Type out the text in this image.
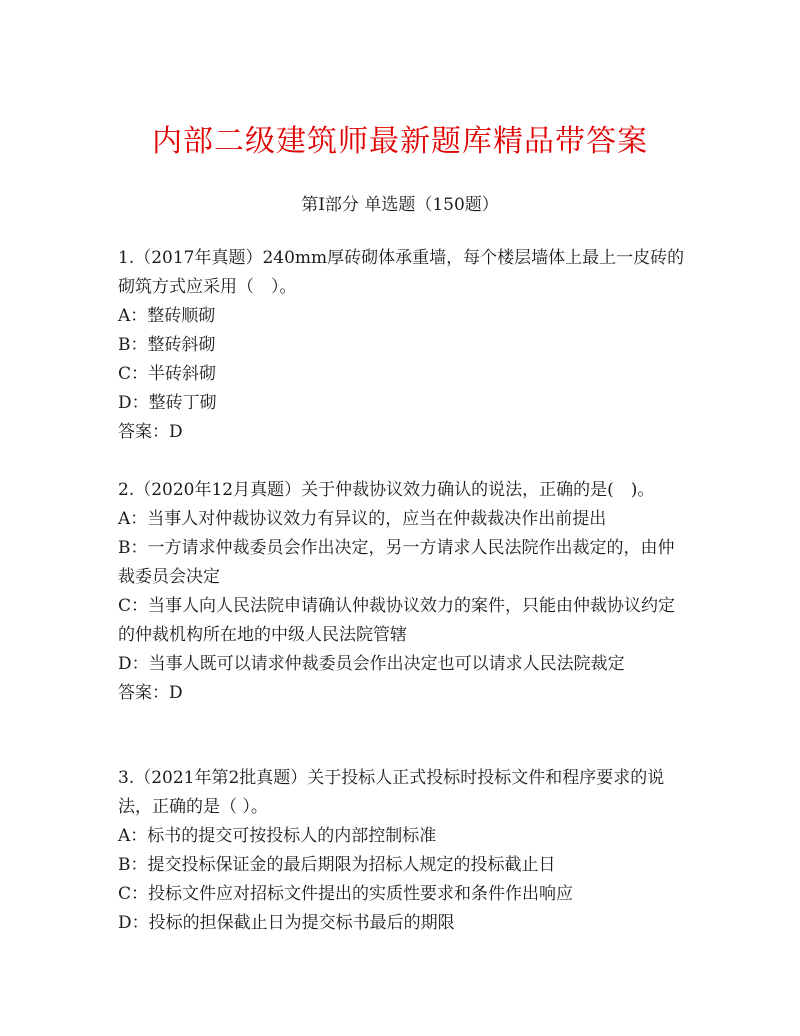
内部二级建筑师最新题库精品带答案
第Ⅰ部分 单选题（150题）

1.（2017年真题）240mm厚砖砌体承重墙，每个楼层墙体上最上一皮砖的砌筑方式应采用（　）。

A：整砖顺砌

B：整砖斜砌

C：半砖斜砌

D：整砖丁砌

答案：D

2.（2020年12月真题）关于仲裁协议效力确认的说法，正确的是(　)。

A：当事人对仲裁协议效力有异议的，应当在仲裁裁决作出前提出

B：一方请求仲裁委员会作出决定，另一方请求人民法院作出裁定的，由仲裁委员会决定

C：当事人向人民法院申请确认仲裁协议效力的案件，只能由仲裁协议约定的仲裁机构所在地的中级人民法院管辖

D：当事人既可以请求仲裁委员会作出决定也可以请求人民法院裁定

答案：D

3.（2021年第2批真题）关于投标人正式投标时投标文件和程序要求的说法，正确的是（ ）。

A：标书的提交可按投标人的内部控制标准

B：提交投标保证金的最后期限为招标人规定的投标截止日

C：投标文件应对招标文件提出的实质性要求和条件作出响应

D：投标的担保截止日为提交标书最后的期限
